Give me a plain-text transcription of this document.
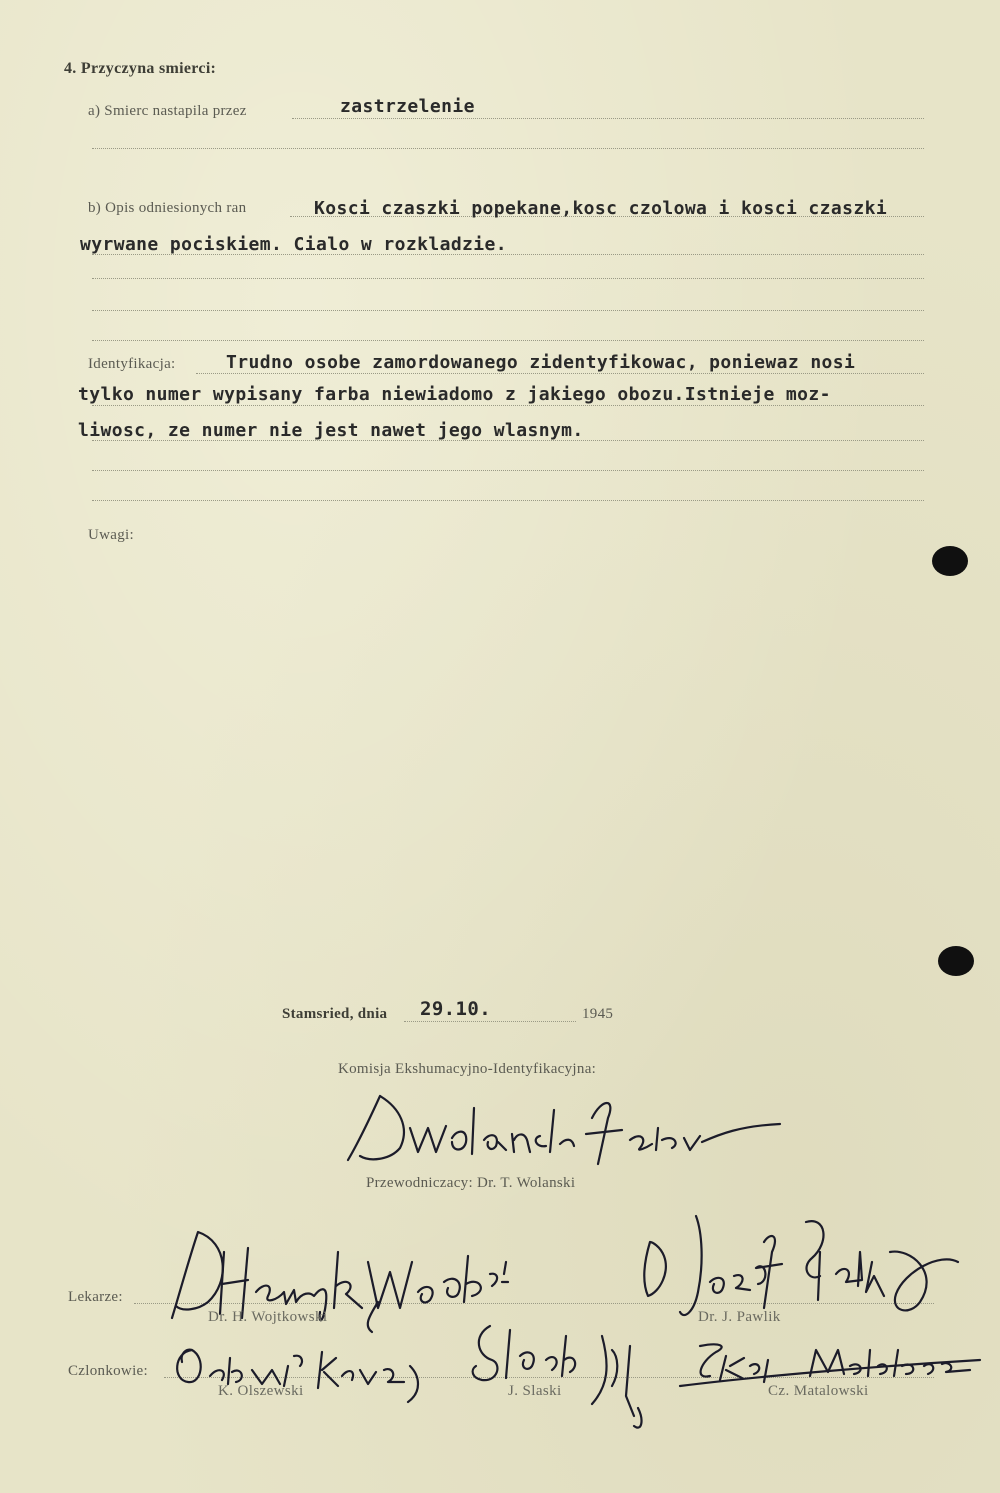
4. Przyczyna smierci:
a) Smierc nastapila przez	zastrzelenie
b) Opis odniesionych ran	Kosci czaszki popekane,kosc czolowa i kosci czaszki
wyrwane pociskiem. Cialo w rozkladzie.
Identyfikacja:	Trudno osobe zamordowanego zidentyfikowac, poniewaz nosi
tylko numer wypisany farba niewiadomo z jakiego obozu.Istnieje moz-
liwosc, ze numer nie jest nawet jego wlasnym.
Uwagi:
Stamsried, dnia 29.10.	1945
Komisja Ekshumacyjno-Identyfikacyjna:
Przewodniczacy: Dr. T. Wolanski
Lekarze:
Dr. H. Wojtkowski	Dr. J. Pawlik
Czlonkowie:
K. Olszewski	J. Slaski	Cz. Matalowski
